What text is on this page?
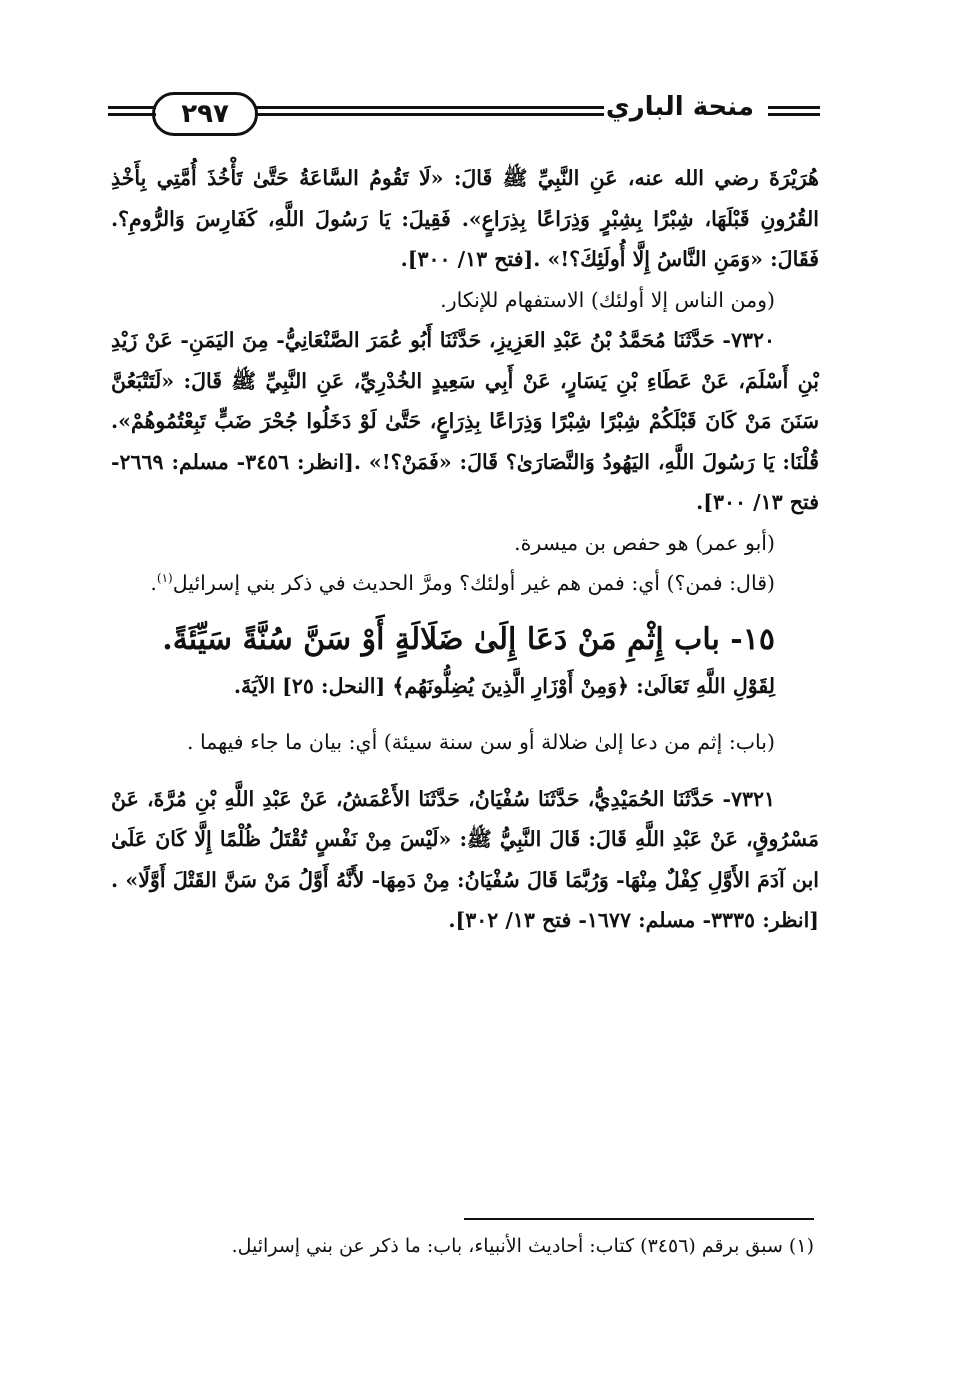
منحة الباري
٢٩٧

هُرَيْرَةَ رضي الله عنه، عَنِ النَّبِيِّ ﷺ قَالَ: «لَا تَقُومُ السَّاعَةُ حَتَّىٰ تَأْخُذَ أُمَّتِي بِأَخْذِ القُرُونِ قَبْلَهَا، شِبْرًا بِشِبْرٍ وَذِرَاعًا بِذِرَاعٍ». فَقِيلَ: يَا رَسُولَ اللَّهِ، كَفَارِسَ وَالرُّومِ؟. فَقَالَ: «وَمَنِ النَّاسُ إِلَّا أُولَئِكَ؟!» .[فتح ١٣/ ٣٠٠].

(ومن الناس إلا أولئك) الاستفهام للإنكار.

٧٣٢٠- حَدَّثَنَا مُحَمَّدُ بْنُ عَبْدِ العَزِيزِ، حَدَّثَنَا أَبُو عُمَرَ الصَّنْعَانِيُّ- مِنَ اليَمَنِ- عَنْ زَيْدِ بْنِ أَسْلَمَ، عَنْ عَطَاءِ بْنِ يَسَارٍ، عَنْ أَبِي سَعِيدٍ الخُدْرِيِّ، عَنِ النَّبِيِّ ﷺ قَالَ: «لَتَتْبَعُنَّ سَنَنَ مَنْ كَانَ قَبْلَكُمْ شِبْرًا شِبْرًا وَذِرَاعًا بِذِرَاعٍ، حَتَّىٰ لَوْ دَخَلُوا جُحْرَ ضَبٍّ تَبِعْتُمُوهُمْ». قُلْنَا: يَا رَسُولَ اللَّهِ، اليَهُودُ وَالنَّصَارَىٰ؟ قَالَ: «فَمَنْ؟!» .[انظر: ٣٤٥٦- مسلم: ٢٦٦٩- فتح ١٣/ ٣٠٠].

(أبو عمر) هو حفص بن ميسرة.

(قال: فمن؟) أي: فمن هم غير أولئك؟ ومرَّ الحديث في ذكر بني إسرائيل$^{(١)}$.

١٥- باب إِثْمِ مَنْ دَعَا إِلَىٰ ضَلَالَةٍ أَوْ سَنَّ سُنَّةً سَيِّئَةً.

لِقَوْلِ اللَّهِ تَعَالَىٰ: ﴿وَمِنْ أَوْزَارِ الَّذِينَ يُضِلُّونَهُم﴾ [النحل: ٢٥] الآيَةَ.

(باب: إثم من دعا إلىٰ ضلالة أو سن سنة سيئة) أي: بيان ما جاء فيهما .

٧٣٢١- حَدَّثَنَا الحُمَيْدِيُّ، حَدَّثَنَا سُفْيَانُ، حَدَّثَنَا الأَعْمَشُ، عَنْ عَبْدِ اللَّهِ بْنِ مُرَّةَ، عَنْ مَسْرُوقٍ، عَنْ عَبْدِ اللَّهِ قَالَ: قَالَ النَّبِيُّ ﷺ: «لَيْسَ مِنْ نَفْسٍ تُقْتَلُ ظُلْمًا إِلَّا كَانَ عَلَىٰ ابن آدَمَ الأَوَّلِ كِفْلٌ مِنْهَا- وَرُبَّمَا قَالَ سُفْيَانُ: مِنْ دَمِهَا- لأَنَّهُ أَوَّلُ مَنْ سَنَّ القَتْلَ أَوَّلًا» .[انظر: ٣٣٣٥- مسلم: ١٦٧٧- فتح ١٣/ ٣٠٢].

(١) سبق برقم (٣٤٥٦) كتاب: أحاديث الأنبياء، باب: ما ذكر عن بني إسرائيل.
